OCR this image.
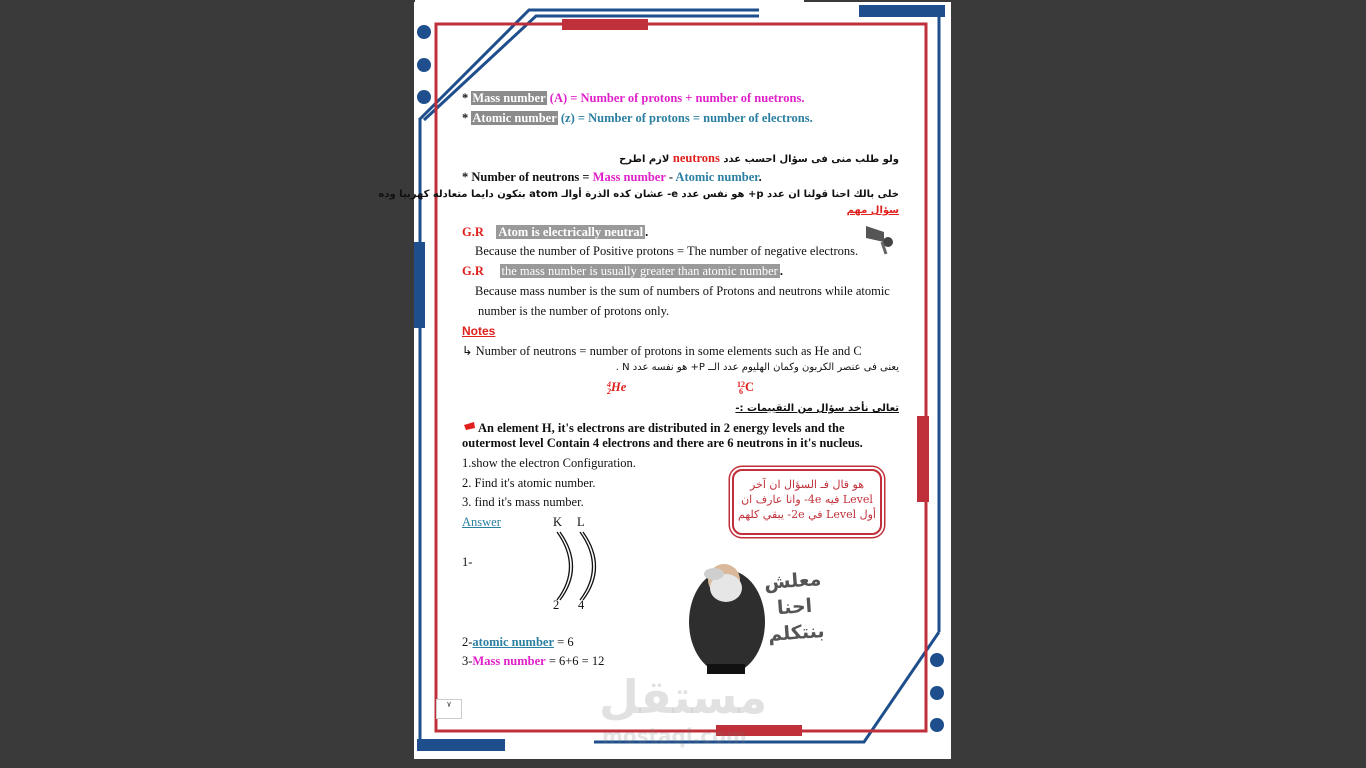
* Mass number (A) = Number of protons + number of nuetrons.
* Atomic number (z) = Number of protons = number of electrons.
ولو طلب منى فى سؤال احسب عدد neutrons لازم اطرح
* Number of neutrons = Mass number - Atomic number.
خلى بالك احنا قولنا ان عدد p+ هو نفس عدد e- عشان كده الذرة أوالـ atom بتكون دايما متعادله كهربيا وده
سؤال مهم
G.R Atom is electrically neutral .
Because the number of Positive protons = The number of negative electrons.
G.R the mass number is usually greater than atomic number .
Because mass number is the sum of numbers of Protons and neutrons while atomic
number is the number of protons only.
Notes
↳ Number of neutrons = number of protons in some elements such as He and C
يعنى فى عنصر الكربون وكمان الهليوم عدد الــ P+ هو نفسه عدد N .
4
2He	12
6 C
تعالى نأخد سؤال من التقييمات :-
An element H, it's electrons are distributed in 2 energy levels and the
outermost level Contain 4 electrons and there are 6 neutrons in it's nucleus.
1.show the electron Configuration.
2. Find it's atomic number.
3. find it's mass number.
Answer	K L
1-
2 4
2-atomic number = 6
3-Mass number = 6+6 = 12
هو قال فـ السؤال ان آخر
Level فيه 4e- وانا عارف ان
أول Level في 2e- يبقي كلهم
معلش
احنا
بنتكلم
مستقل
mostaql.com
٧
